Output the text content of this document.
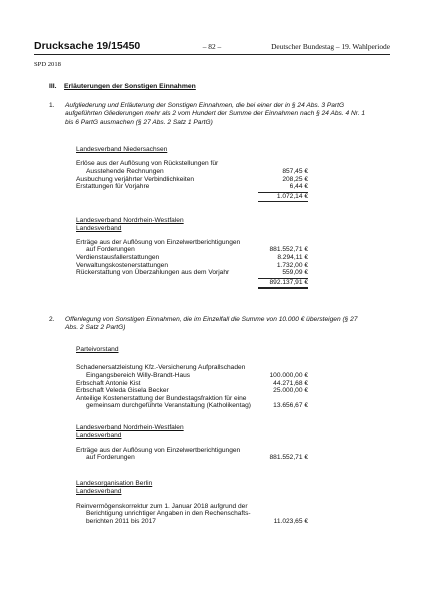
Drucksache 19/15450	– 82 –	Deutscher Bundestag – 19. Wahlperiode
SPD 2018
III. Erläuterungen der Sonstigen Einnahmen
1. Aufgliederung und Erläuterung der Sonstigen Einnahmen, die bei einer der in § 24 Abs. 3 PartG aufgeführten Gliederungen mehr als 2 vom Hundert der Summe der Einnahmen nach § 24 Abs. 4 Nr. 1 bis 6 PartG ausmachen (§ 27 Abs. 2 Satz 1 PartG)
Landesverband Niedersachsen
Erlöse aus der Auflösung von Rückstellungen für
Ausstehende Rechnungen	857,45 €
Ausbuchung verjährter Verbindlichkeiten	208,25 €
Erstattungen für Vorjahre	6,44 €
1.072,14 €
Landesverband Nordrhein-Westfalen
Landesverband
Erträge aus der Auflösung von Einzelwertberichtigungen
auf Forderungen	881.552,71 €
Verdienstausfallerstattungen	8.294,11 €
Verwaltungskostenerstattungen	1.732,00 €
Rückerstattung von Überzahlungen aus dem Vorjahr	559,09 €
892.137,91 €
2. Offenlegung von Sonstigen Einnahmen, die im Einzelfall die Summe von 10.000 € übersteigen (§ 27 Abs. 2 Satz 2 PartG)
Parteivorstand
Schadenersatzleistung Kfz.-Versicherung Aufprallschaden
Eingangsbereich Willy-Brandt-Haus	100.000,00 €
Erbschaft Antonie Kist	44.271,68 €
Erbschaft Veleda Gisela Becker	25.000,00 €
Anteilige Kostenerstattung der Bundestagsfraktion für eine
gemeinsam durchgeführte Veranstaltung (Katholikentag)	13.656,67 €
Landesverband Nordrhein-Westfalen
Landesverband
Erträge aus der Auflösung von Einzelwertberichtigungen
auf Forderungen	881.552,71 €
Landesorganisation Berlin
Landesverband
Reinvermögenskorrektur zum 1. Januar 2018 aufgrund der
Berichtigung unrichtiger Angaben in den Rechenschafts-
berichten 2011 bis 2017	11.023,65 €
